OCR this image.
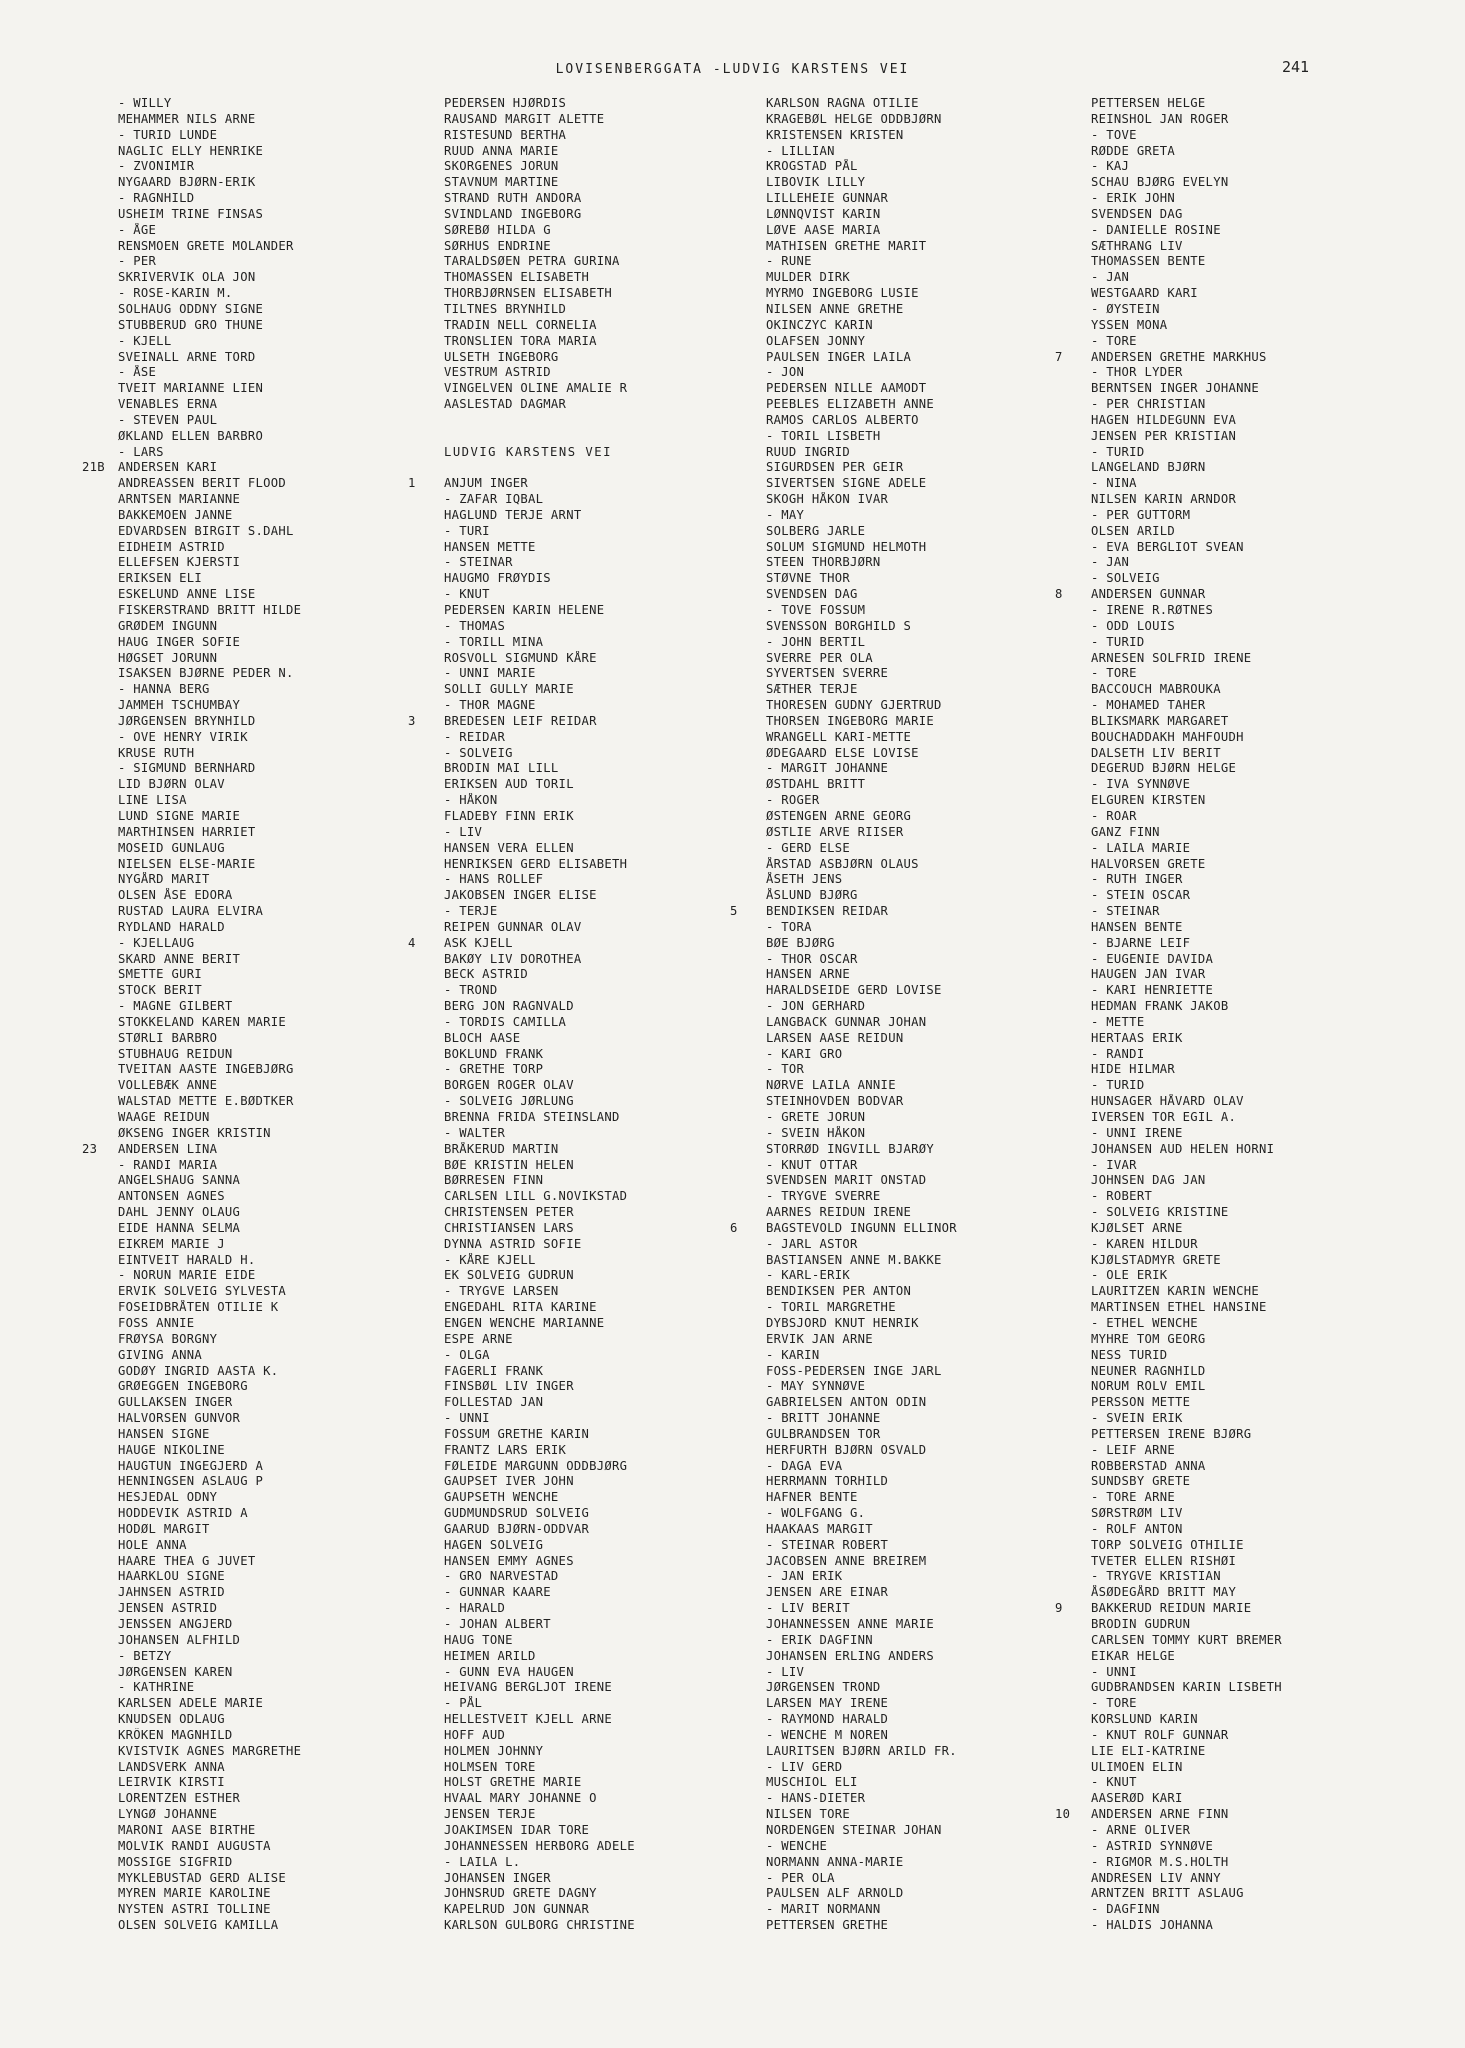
LOVISENBERGGATA -LUDVIG KARSTENS VEI	241
- WILLY
MEHAMMER NILS ARNE
- TURID LUNDE
NAGLIC ELLY HENRIKE
- ZVONIMIR
NYGAARD BJØRN-ERIK
- RAGNHILD
USHEIM TRINE FINSAS
- ÅGE
RENSMOEN GRETE MOLANDER
- PER
SKRIVERVIK OLA JON
- ROSE-KARIN M.
SOLHAUG ODDNY SIGNE
STUBBERUD GRO THUNE
- KJELL
SVEINALL ARNE TORD
- ÅSE
TVEIT MARIANNE LIEN
VENABLES ERNA
- STEVEN PAUL
ØKLAND ELLEN BARBRO
- LARS
21B	ANDERSEN KARI
ANDREASSEN BERIT FLOOD
ARNTSEN MARIANNE
BAKKEMOEN JANNE
EDVARDSEN BIRGIT S.DAHL
EIDHEIM ASTRID
ELLEFSEN KJERSTI
ERIKSEN ELI
ESKELUND ANNE LISE
FISKERSTRAND BRITT HILDE
GRØDEM INGUNN
HAUG INGER SOFIE
HØGSET JORUNN
ISAKSEN BJØRNE PEDER N.
- HANNA BERG
JAMMEH TSCHUMBAY
JØRGENSEN BRYNHILD
- OVE HENRY VIRIK
KRUSE RUTH
- SIGMUND BERNHARD
LID BJØRN OLAV
LINE LISA
LUND SIGNE MARIE
MARTHINSEN HARRIET
MOSEID GUNLAUG
NIELSEN ELSE-MARIE
NYGÅRD MARIT
OLSEN ÅSE EDORA
RUSTAD LAURA ELVIRA
RYDLAND HARALD
- KJELLAUG
SKARD ANNE BERIT
SMETTE GURI
STOCK BERIT
- MAGNE GILBERT
STOKKELAND KAREN MARIE
STØRLI BARBRO
STUBHAUG REIDUN
TVEITAN AASTE INGEBJØRG
VOLLEBÆK ANNE
WALSTAD METTE E.BØDTKER
WAAGE REIDUN
ØKSENG INGER KRISTIN
23	ANDERSEN LINA
- RANDI MARIA
ANGELSHAUG SANNA
ANTONSEN AGNES
DAHL JENNY OLAUG
EIDE HANNA SELMA
EIKREM MARIE J
EINTVEIT HARALD H.
- NORUN MARIE EIDE
ERVIK SOLVEIG SYLVESTA
FOSEIDBRÅTEN OTILIE K
FOSS ANNIE
FRØYSA BORGNY
GIVING ANNA
GODØY INGRID AASTA K.
GRØEGGEN INGEBORG
GULLAKSEN INGER
HALVORSEN GUNVOR
HANSEN SIGNE
HAUGE NIKOLINE
HAUGTUN INGEGJERD A
HENNINGSEN ASLAUG P
HESJEDAL ODNY
HODDEVIK ASTRID A
HODØL MARGIT
HOLE ANNA
HAARE THEA G JUVET
HAARKLOU SIGNE
JAHNSEN ASTRID
JENSEN ASTRID
JENSSEN ANGJERD
JOHANSEN ALFHILD
- BETZY
JØRGENSEN KAREN
- KATHRINE
KARLSEN ADELE MARIE
KNUDSEN ODLAUG
KRÔKEN MAGNHILD
KVISTVIK AGNES MARGRETHE
LANDSVERK ANNA
LEIRVIK KIRSTI
LORENTZEN ESTHER
LYNGØ JOHANNE
MARONI AASE BIRTHE
MOLVIK RANDI AUGUSTA
MOSSIGE SIGFRID
MYKLEBUSTAD GERD ALISE
MYREN MARIE KAROLINE
NYSTEN ASTRI TOLLINE
OLSEN SOLVEIG KAMILLA
PEDERSEN HJØRDIS
RAUSAND MARGIT ALETTE
RISTESUND BERTHA
RUUD ANNA MARIE
SKORGENES JORUN
STAVNUM MARTINE
STRAND RUTH ANDORA
SVINDLAND INGEBORG
SØREBØ HILDA G
SØRHUS ENDRINE
TARALDSØEN PETRA GURINA
THOMASSEN ELISABETH
THORBJØRNSEN ELISABETH
TILTNES BRYNHILD
TRADIN NELL CORNELIA
TRONSLIEN TORA MARIA
ULSETH INGEBORG
VESTRUM ASTRID
VINGELVEN OLINE AMALIE R
AASLESTAD DAGMAR
LUDVIG KARSTENS VEI
1	ANJUM INGER
- ZAFAR IQBAL
HAGLUND TERJE ARNT
- TURI
HANSEN METTE
- STEINAR
HAUGMO FRØYDIS
- KNUT
PEDERSEN KARIN HELENE
- THOMAS
- TORILL MINA
ROSVOLL SIGMUND KÅRE
- UNNI MARIE
SOLLI GULLY MARIE
- THOR MAGNE
3	BREDESEN LEIF REIDAR
- REIDAR
- SOLVEIG
BRODIN MAI LILL
ERIKSEN AUD TORIL
- HÅKON
FLADEBY FINN ERIK
- LIV
HANSEN VERA ELLEN
HENRIKSEN GERD ELISABETH
- HANS ROLLEF
JAKOBSEN INGER ELISE
- TERJE
REIPEN GUNNAR OLAV
4	ASK KJELL
BAKØY LIV DOROTHEA
BECK ASTRID
- TROND
BERG JON RAGNVALD
- TORDIS CAMILLA
BLOCH AASE
BOKLUND FRANK
- GRETHE TORP
BORGEN ROGER OLAV
- SOLVEIG JØRLUNG
BRENNA FRIDA STEINSLAND
- WALTER
BRÅKERUD MARTIN
BØE KRISTIN HELEN
BØRRESEN FINN
CARLSEN LILL G.NOVIKSTAD
CHRISTENSEN PETER
CHRISTIANSEN LARS
DYNNA ASTRID SOFIE
- KÅRE KJELL
EK SOLVEIG GUDRUN
- TRYGVE LARSEN
ENGEDAHL RITA KARINE
ENGEN WENCHE MARIANNE
ESPE ARNE
- OLGA
FAGERLI FRANK
FINSBØL LIV INGER
FOLLESTAD JAN
- UNNI
FOSSUM GRETHE KARIN
FRANTZ LARS ERIK
FØLEIDE MARGUNN ODDBJØRG
GAUPSET IVER JOHN
GAUPSETH WENCHE
GUDMUNDSRUD SOLVEIG
GAARUD BJØRN-ODDVAR
HAGEN SOLVEIG
HANSEN EMMY AGNES
- GRO NARVESTAD
- GUNNAR KAARE
- HARALD
- JOHAN ALBERT
HAUG TONE
HEIMEN ARILD
- GUNN EVA HAUGEN
HEIVANG BERGLJOT IRENE
- PÅL
HELLESTVEIT KJELL ARNE
HOFF AUD
HOLMEN JOHNNY
HOLMSEN TORE
HOLST GRETHE MARIE
HVAAL MARY JOHANNE O
JENSEN TERJE
JOAKIMSEN IDAR TORE
JOHANNESSEN HERBORG ADELE
- LAILA L.
JOHANSEN INGER
JOHNSRUD GRETE DAGNY
KAPELRUD JON GUNNAR
KARLSON GULBORG CHRISTINE
KARLSON RAGNA OTILIE
KRAGEBØL HELGE ODDBJØRN
KRISTENSEN KRISTEN
- LILLIAN
KROGSTAD PÅL
LIBOVIK LILLY
LILLEHEIE GUNNAR
LØNNQVIST KARIN
LØVE AASE MARIA
MATHISEN GRETHE MARIT
- RUNE
MULDER DIRK
MYRMO INGEBORG LUSIE
NILSEN ANNE GRETHE
OKINCZYC KARIN
OLAFSEN JONNY
PAULSEN INGER LAILA
- JON
PEDERSEN NILLE AAMODT
PEEBLES ELIZABETH ANNE
RAMOS CARLOS ALBERTO
- TORIL LISBETH
RUUD INGRID
SIGURDSEN PER GEIR
SIVERTSEN SIGNE ADELE
SKOGH HÅKON IVAR
- MAY
SOLBERG JARLE
SOLUM SIGMUND HELMOTH
STEEN THORBJØRN
STØVNE THOR
SVENDSEN DAG
- TOVE FOSSUM
SVENSSON BORGHILD S
- JOHN BERTIL
SVERRE PER OLA
SYVERTSEN SVERRE
SÆTHER TERJE
THORESEN GUDNY GJERTRUD
THORSEN INGEBORG MARIE
WRANGELL KARI-METTE
ØDEGAARD ELSE LOVISE
- MARGIT JOHANNE
ØSTDAHL BRITT
- ROGER
ØSTENGEN ARNE GEORG
ØSTLIE ARVE RIISER
- GERD ELSE
ÅRSTAD ASBJØRN OLAUS
ÅSETH JENS
ÅSLUND BJØRG
5	BENDIKSEN REIDAR
- TORA
BØE BJØRG
- THOR OSCAR
HANSEN ARNE
HARALDSEIDE GERD LOVISE
- JON GERHARD
LANGBACK GUNNAR JOHAN
LARSEN AASE REIDUN
- KARI GRO
- TOR
NØRVE LAILA ANNIE
STEINHOVDEN BODVAR
- GRETE JORUN
- SVEIN HÅKON
STORRØD INGVILL BJARØY
- KNUT OTTAR
SVENDSEN MARIT ONSTAD
- TRYGVE SVERRE
AARNES REIDUN IRENE
6	BAGSTEVOLD INGUNN ELLINOR
- JARL ASTOR
BASTIANSEN ANNE M.BAKKE
- KARL-ERIK
BENDIKSEN PER ANTON
- TORIL MARGRETHE
DYBSJORD KNUT HENRIK
ERVIK JAN ARNE
- KARIN
FOSS-PEDERSEN INGE JARL
- MAY SYNNØVE
GABRIELSEN ANTON ODIN
- BRITT JOHANNE
GULBRANDSEN TOR
HERFURTH BJØRN OSVALD
- DAGA EVA
HERRMANN TORHILD
HAFNER BENTE
- WOLFGANG G.
HAAKAAS MARGIT
- STEINAR ROBERT
JACOBSEN ANNE BREIREM
- JAN ERIK
JENSEN ARE EINAR
- LIV BERIT
JOHANNESSEN ANNE MARIE
- ERIK DAGFINN
JOHANSEN ERLING ANDERS
- LIV
JØRGENSEN TROND
LARSEN MAY IRENE
- RAYMOND HARALD
- WENCHE M NOREN
LAURITSEN BJØRN ARILD FR.
- LIV GERD
MUSCHIOL ELI
- HANS-DIETER
NILSEN TORE
NORDENGEN STEINAR JOHAN
- WENCHE
NORMANN ANNA-MARIE
- PER OLA
PAULSEN ALF ARNOLD
- MARIT NORMANN
PETTERSEN GRETHE
PETTERSEN HELGE
REINSHOL JAN ROGER
- TOVE
RØDDE GRETA
- KAJ
SCHAU BJØRG EVELYN
- ERIK JOHN
SVENDSEN DAG
- DANIELLE ROSINE
SÆTHRANG LIV
THOMASSEN BENTE
- JAN
WESTGAARD KARI
- ØYSTEIN
YSSEN MONA
- TORE
7	ANDERSEN GRETHE MARKHUS
- THOR LYDER
BERNTSEN INGER JOHANNE
- PER CHRISTIAN
HAGEN HILDEGUNN EVA
JENSEN PER KRISTIAN
- TURID
LANGELAND BJØRN
- NINA
NILSEN KARIN ARNDOR
- PER GUTTORM
OLSEN ARILD
- EVA BERGLIOT SVEAN
- JAN
- SOLVEIG
8	ANDERSEN GUNNAR
- IRENE R.RØTNES
- ODD LOUIS
- TURID
ARNESEN SOLFRID IRENE
- TORE
BACCOUCH MABROUKA
- MOHAMED TAHER
BLIKSMARK MARGARET
BOUCHADDAKH MAHFOUDH
DALSETH LIV BERIT
DEGERUD BJØRN HELGE
- IVA SYNNØVE
ELGUREN KIRSTEN
- ROAR
GANZ FINN
- LAILA MARIE
HALVORSEN GRETE
- RUTH INGER
- STEIN OSCAR
- STEINAR
HANSEN BENTE
- BJARNE LEIF
- EUGENIE DAVIDA
HAUGEN JAN IVAR
- KARI HENRIETTE
HEDMAN FRANK JAKOB
- METTE
HERTAAS ERIK
- RANDI
HIDE HILMAR
- TURID
HUNSAGER HÅVARD OLAV
IVERSEN TOR EGIL A.
- UNNI IRENE
JOHANSEN AUD HELEN HORNI
- IVAR
JOHNSEN DAG JAN
- ROBERT
- SOLVEIG KRISTINE
KJØLSET ARNE
- KAREN HILDUR
KJØLSTADMYR GRETE
- OLE ERIK
LAURITZEN KARIN WENCHE
MARTINSEN ETHEL HANSINE
- ETHEL WENCHE
MYHRE TOM GEORG
NESS TURID
NEUNER RAGNHILD
NORUM ROLV EMIL
PERSSON METTE
- SVEIN ERIK
PETTERSEN IRENE BJØRG
- LEIF ARNE
ROBBERSTAD ANNA
SUNDSBY GRETE
- TORE ARNE
SØRSTRØM LIV
- ROLF ANTON
TORP SOLVEIG OTHILIE
TVETER ELLEN RISHØI
- TRYGVE KRISTIAN
ÅSØDEGÅRD BRITT MAY
9	BAKKERUD REIDUN MARIE
BRODIN GUDRUN
CARLSEN TOMMY KURT BREMER
EIKAR HELGE
- UNNI
GUDBRANDSEN KARIN LISBETH
- TORE
KORSLUND KARIN
- KNUT ROLF GUNNAR
LIE ELI-KATRINE
ULIMOEN ELIN
- KNUT
AASERØD KARI
10	ANDERSEN ARNE FINN
- ARNE OLIVER
- ASTRID SYNNØVE
- RIGMOR M.S.HOLTH
ANDRESEN LIV ANNY
ARNTZEN BRITT ASLAUG
- DAGFINN
- HALDIS JOHANNA
